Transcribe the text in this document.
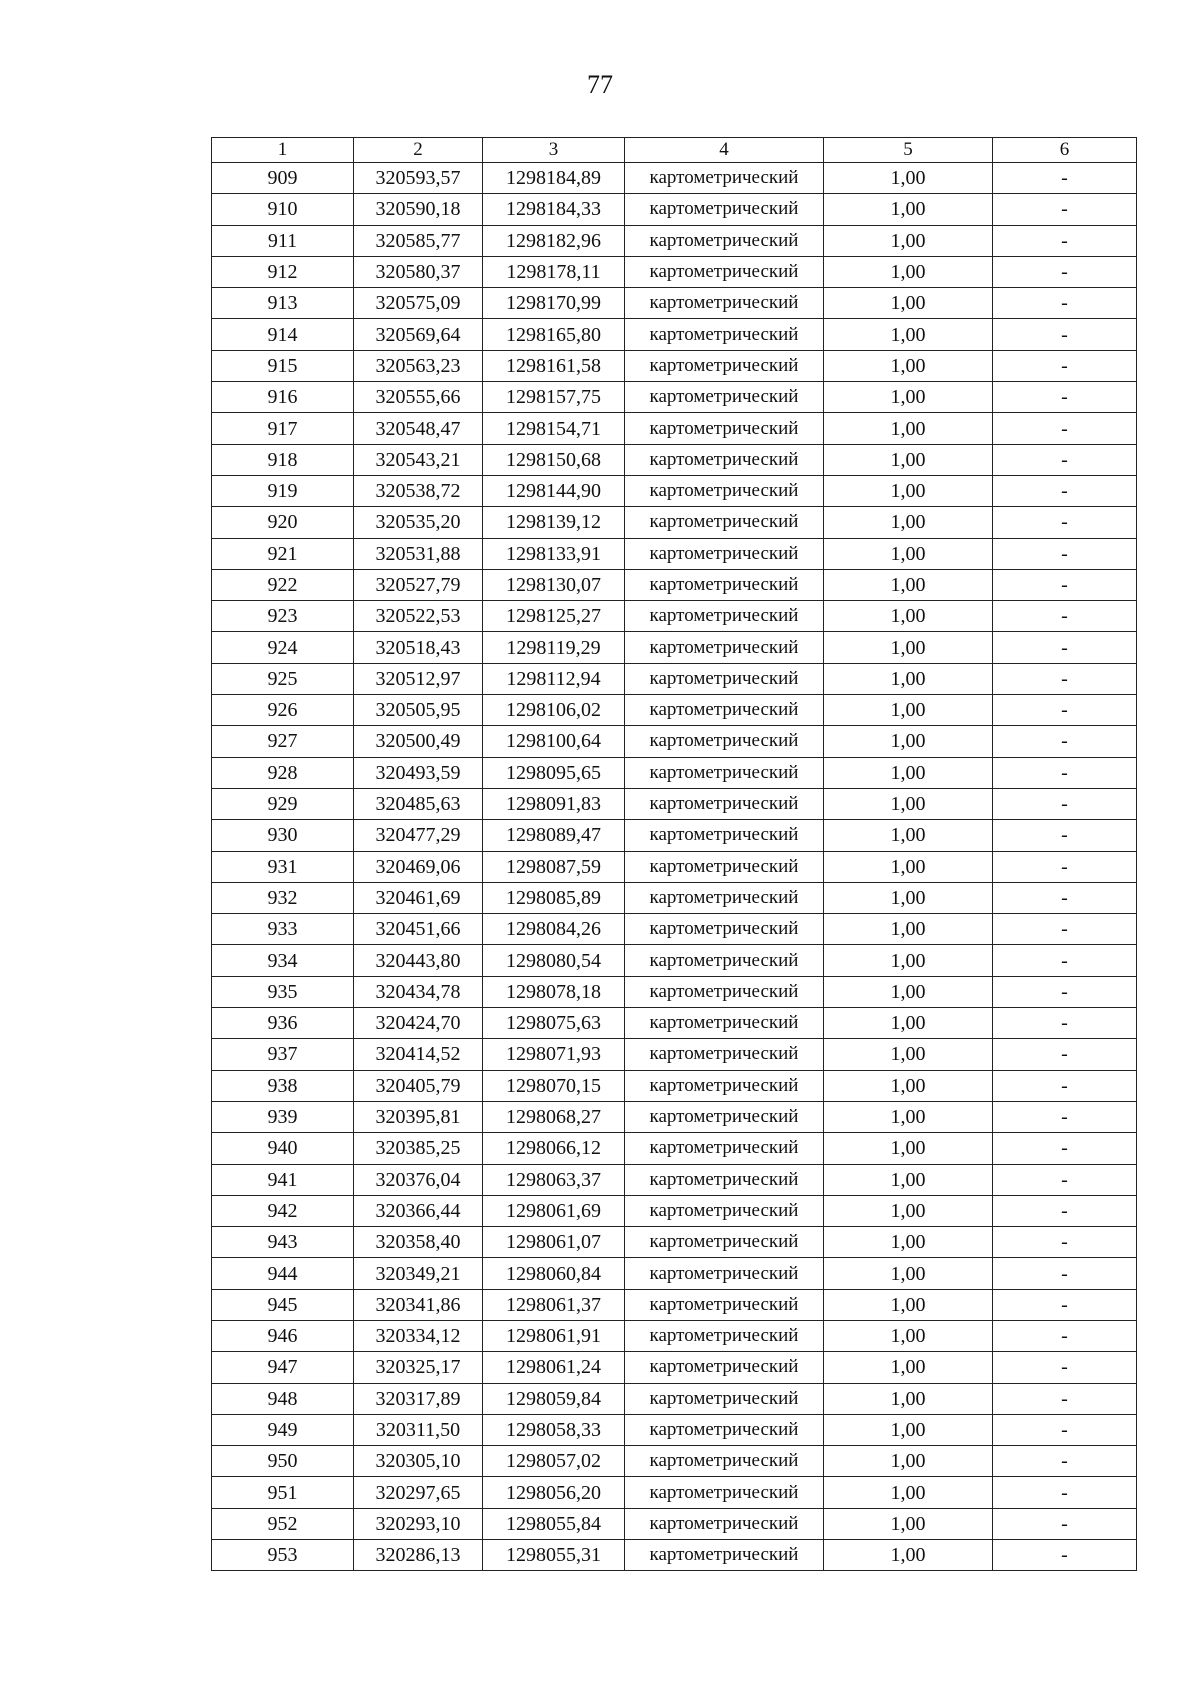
77
1	2	3	4	5	6
909	320593,57	1298184,89	картометрический	1,00	-
910	320590,18	1298184,33	картометрический	1,00	-
911	320585,77	1298182,96	картометрический	1,00	-
912	320580,37	1298178,11	картометрический	1,00	-
913	320575,09	1298170,99	картометрический	1,00	-
914	320569,64	1298165,80	картометрический	1,00	-
915	320563,23	1298161,58	картометрический	1,00	-
916	320555,66	1298157,75	картометрический	1,00	-
917	320548,47	1298154,71	картометрический	1,00	-
918	320543,21	1298150,68	картометрический	1,00	-
919	320538,72	1298144,90	картометрический	1,00	-
920	320535,20	1298139,12	картометрический	1,00	-
921	320531,88	1298133,91	картометрический	1,00	-
922	320527,79	1298130,07	картометрический	1,00	-
923	320522,53	1298125,27	картометрический	1,00	-
924	320518,43	1298119,29	картометрический	1,00	-
925	320512,97	1298112,94	картометрический	1,00	-
926	320505,95	1298106,02	картометрический	1,00	-
927	320500,49	1298100,64	картометрический	1,00	-
928	320493,59	1298095,65	картометрический	1,00	-
929	320485,63	1298091,83	картометрический	1,00	-
930	320477,29	1298089,47	картометрический	1,00	-
931	320469,06	1298087,59	картометрический	1,00	-
932	320461,69	1298085,89	картометрический	1,00	-
933	320451,66	1298084,26	картометрический	1,00	-
934	320443,80	1298080,54	картометрический	1,00	-
935	320434,78	1298078,18	картометрический	1,00	-
936	320424,70	1298075,63	картометрический	1,00	-
937	320414,52	1298071,93	картометрический	1,00	-
938	320405,79	1298070,15	картометрический	1,00	-
939	320395,81	1298068,27	картометрический	1,00	-
940	320385,25	1298066,12	картометрический	1,00	-
941	320376,04	1298063,37	картометрический	1,00	-
942	320366,44	1298061,69	картометрический	1,00	-
943	320358,40	1298061,07	картометрический	1,00	-
944	320349,21	1298060,84	картометрический	1,00	-
945	320341,86	1298061,37	картометрический	1,00	-
946	320334,12	1298061,91	картометрический	1,00	-
947	320325,17	1298061,24	картометрический	1,00	-
948	320317,89	1298059,84	картометрический	1,00	-
949	320311,50	1298058,33	картометрический	1,00	-
950	320305,10	1298057,02	картометрический	1,00	-
951	320297,65	1298056,20	картометрический	1,00	-
952	320293,10	1298055,84	картометрический	1,00	-
953	320286,13	1298055,31	картометрический	1,00	-
